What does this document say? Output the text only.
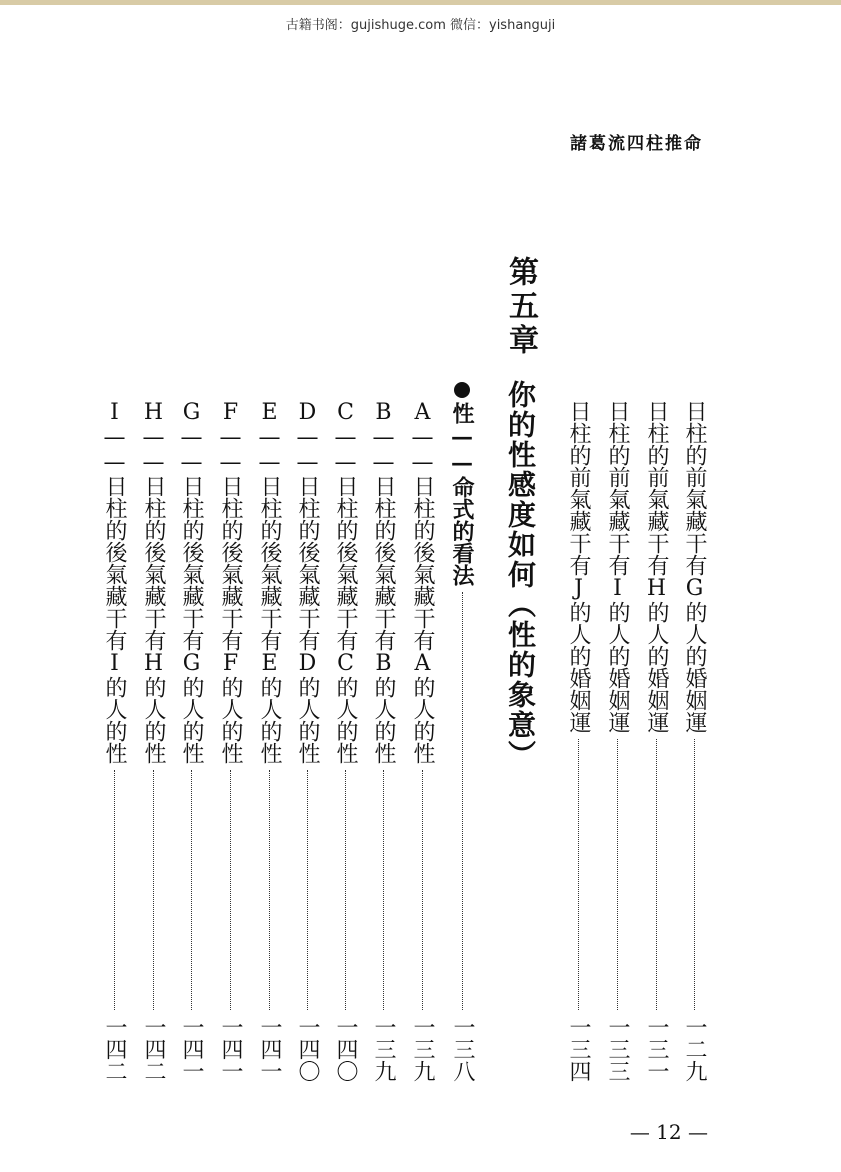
古籍书阁：gujishuge.com 微信：yishanguji
諸葛流四柱推命
日柱的前氣藏干有G的人的婚姻運
一二九
日柱的前氣藏干有H的人的婚姻運
一三一
日柱的前氣藏干有I的人的婚姻運
一三三
日柱的前氣藏干有J的人的婚姻運
一三四
第五章
你的性感度如何（性的象意）
性——命式的看法
一三八
A——日柱的後氣藏干有A的人的性
一三九
B——日柱的後氣藏干有B的人的性
一三九
C——日柱的後氣藏干有C的人的性
一四〇
D——日柱的後氣藏干有D的人的性
一四〇
E——日柱的後氣藏干有E的人的性
一四一
F——日柱的後氣藏干有F的人的性
一四一
G——日柱的後氣藏干有G的人的性
一四一
H——日柱的後氣藏干有H的人的性
一四二
I——日柱的後氣藏干有I的人的性
一四二
— 12 —
